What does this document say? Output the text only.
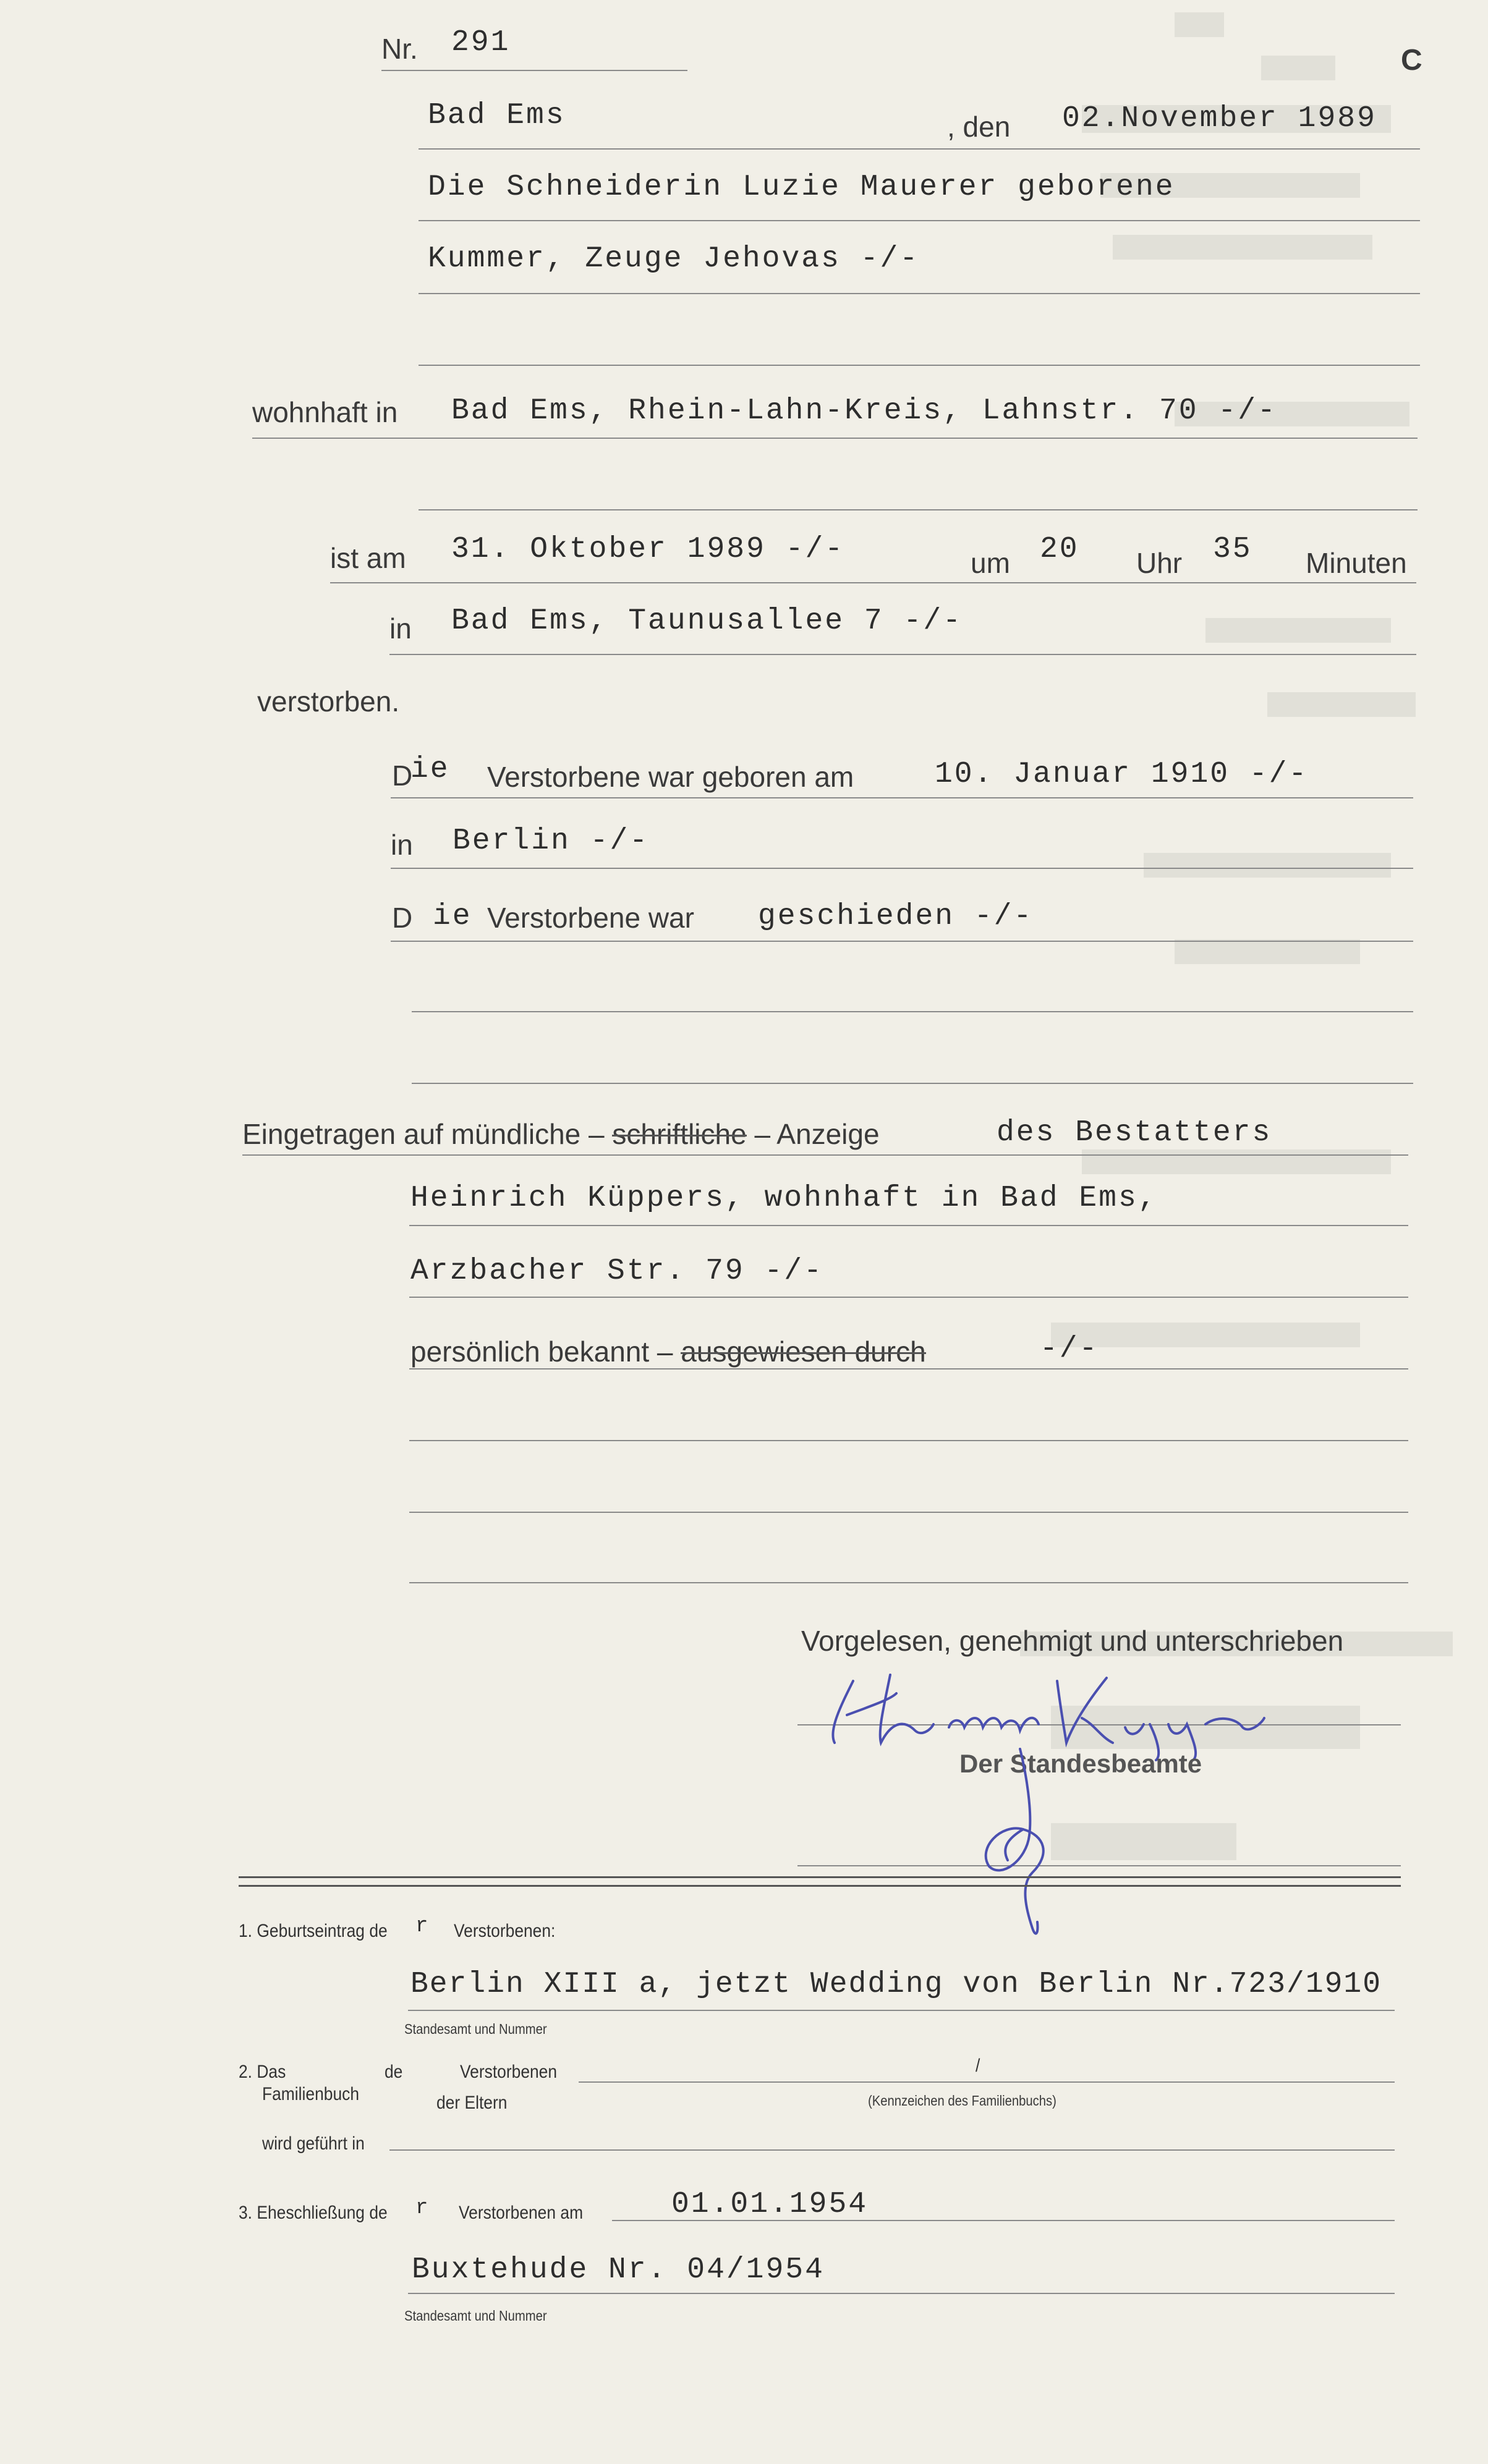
C
Nr. 291
Bad Ems	, den 02.November 1989
Die Schneiderin Luzie Mauerer geborene
Kummer, Zeuge Jehovas -/-
wohnhaft in Bad Ems, Rhein-Lahn-Kreis, Lahnstr. 70 -/-
ist am 31. Oktober 1989 -/-	um 20 Uhr 35 Minuten
in Bad Ems, Taunusallee 7 -/-
verstorben.
D
ie Verstorbene war geboren am	10. Januar 1910 -/-
in Berlin -/-
D ie Verstorbene war geschieden -/-
Eingetragen auf mündliche – schriftliche – Anzeige	des Bestatters
Heinrich Küppers, wohnhaft in Bad Ems,
Arzbacher Str. 79 -/-
persönlich bekannt – ausgewiesen durch	-/-
Vorgelesen, genehmigt und unterschrieben
Der Standesbeamte
1. Geburtseintrag de r Verstorbenen:
Berlin XIII a, jetzt Wedding von Berlin Nr.723/1910
Standesamt und Nummer
2. Das
Familienbuch
de	Verstorbenen
der Eltern
/
(Kennzeichen des Familienbuchs)
wird geführt in
3. Eheschließung de r Verstorbenen am	01.01.1954
Buxtehude Nr. 04/1954
Standesamt und Nummer
